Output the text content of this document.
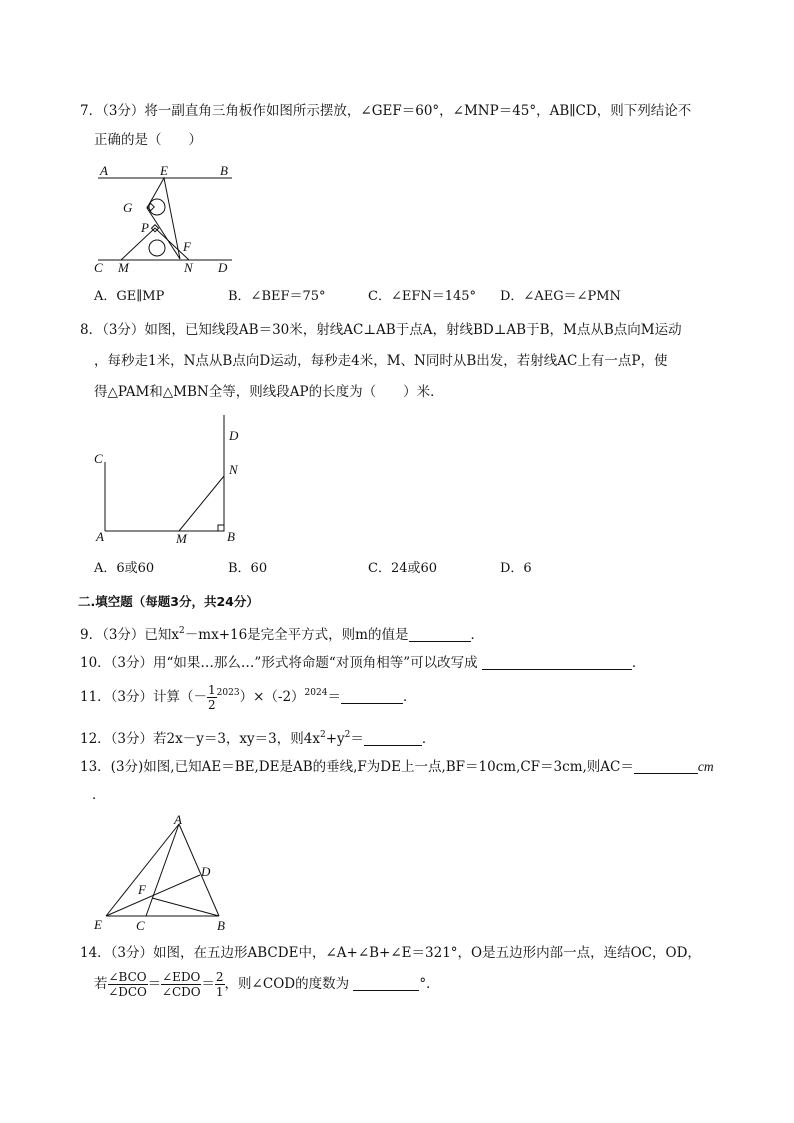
7．（3分）将一副直角三角板作如图所示摆放，∠GEF＝60°，∠MNP＝45°，AB∥CD，则下列结论不
正确的是（　　）
A	E	B
G
P
F
C M	N D
A．GE∥MP	B．∠BEF＝75°	C．∠EFN＝145° D．∠AEG＝∠PMN
8．（3分）如图，已知线段AB＝30米，射线AC⊥AB于点A，射线BD⊥AB于B，M点从B点向M运动
，每秒走1米，N点从B点向D运动，每秒走4米，M、N同时从B出发，若射线AC上有一点P，使
得△PAM和△MBN全等，则线段AP的长度为（　　）米．
C
A	M	B
N
D
A．6或60	B．60	C．24或60	D．6
二.填空题（每题3分，共24分）
9．（3分）已知$x^2-mx+16$是完全平方式，则m的值是	．
10．（3分）用“如果…那么…”形式将命题“对顶角相等”可以改写成	．
11．（3分）计算（－ $\frac{1}{2} ^{2023})\times(-2)^{2024}=$	．
12．（3分）若2x－y＝3，xy＝3，则$4x^2+y^2=$	．
13．(3分)如图,已知AE＝BE,DE是AB的垂线,F为DE上一点,BF＝10cm,CF＝3cm,则AC＝	cm
．
A
D
F
E	C	B
14．（3分）如图，在五边形ABCDE中，∠A+∠B+∠E＝321°，O是五边形内部一点，连结OC，OD，
若 $\frac{\text{∠BCO}}{\text{∠DCO}} = \frac{\text{∠EDO}}{\text{∠CDO}} = \frac{2}{1}$ ，则∠COD的度数为	°．
